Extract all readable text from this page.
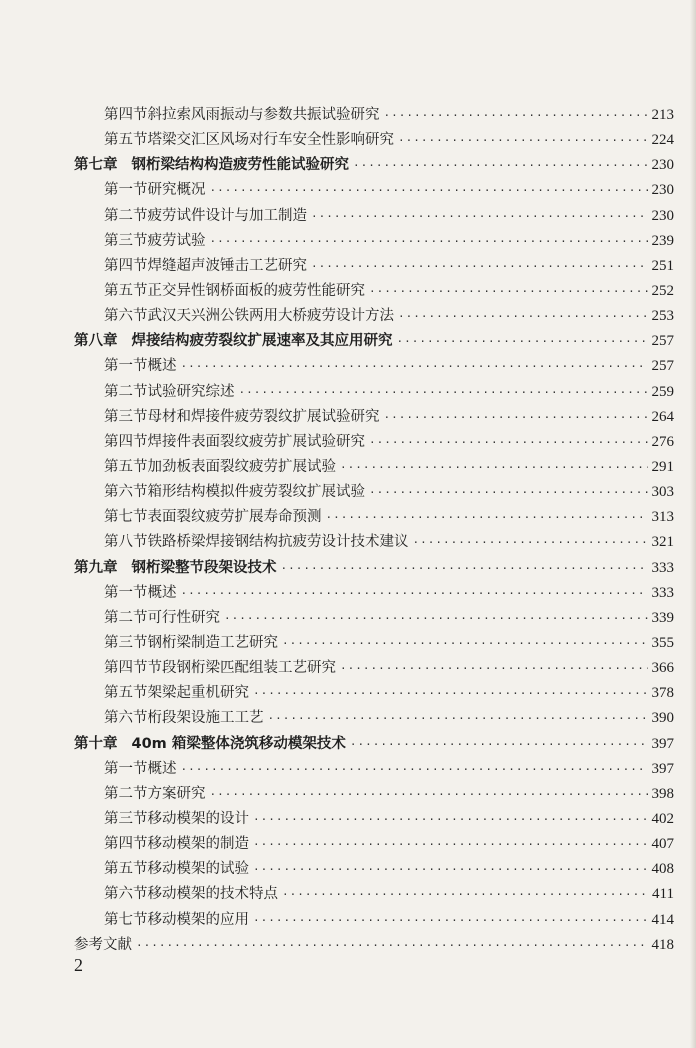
第四节 斜拉索风雨振动与参数共振试验研究 ·····	213
第五节 塔梁交汇区风场对行车安全性影响研究 ·····	224
第七章 钢桁梁结构构造疲劳性能试验研究 ·····	230
第一节 研究概况 ·····	230
第二节 疲劳试件设计与加工制造 ·····	230
第三节 疲劳试验 ·····	239
第四节 焊缝超声波锤击工艺研究 ·····	251
第五节 正交异性钢桥面板的疲劳性能研究 ·····	252
第六节 武汉天兴洲公铁两用大桥疲劳设计方法 ·····	253
第八章 焊接结构疲劳裂纹扩展速率及其应用研究 ·····	257
第一节 概述 ·····	257
第二节 试验研究综述 ·····	259
第三节 母材和焊接件疲劳裂纹扩展试验研究 ·····	264
第四节 焊接件表面裂纹疲劳扩展试验研究 ·····	276
第五节 加劲板表面裂纹疲劳扩展试验 ·····	291
第六节 箱形结构模拟件疲劳裂纹扩展试验 ·····	303
第七节 表面裂纹疲劳扩展寿命预测 ·····	313
第八节 铁路桥梁焊接钢结构抗疲劳设计技术建议 ·····	321
第九章 钢桁梁整节段架设技术 ·····	333
第一节 概述 ·····	333
第二节 可行性研究 ·····	339
第三节 钢桁梁制造工艺研究 ·····	355
第四节 节段钢桁梁匹配组装工艺研究 ·····	366
第五节 架梁起重机研究 ·····	378
第六节 桁段架设施工工艺 ·····	390
第十章 40m 箱梁整体浇筑移动模架技术 ·····	397
第一节 概述 ·····	397
第二节 方案研究 ·····	398
第三节 移动模架的设计 ·····	402
第四节 移动模架的制造 ·····	407
第五节 移动模架的试验 ·····	408
第六节 移动模架的技术特点 ·····	411
第七节 移动模架的应用 ·····	414
参考文献 ·····	418
2
